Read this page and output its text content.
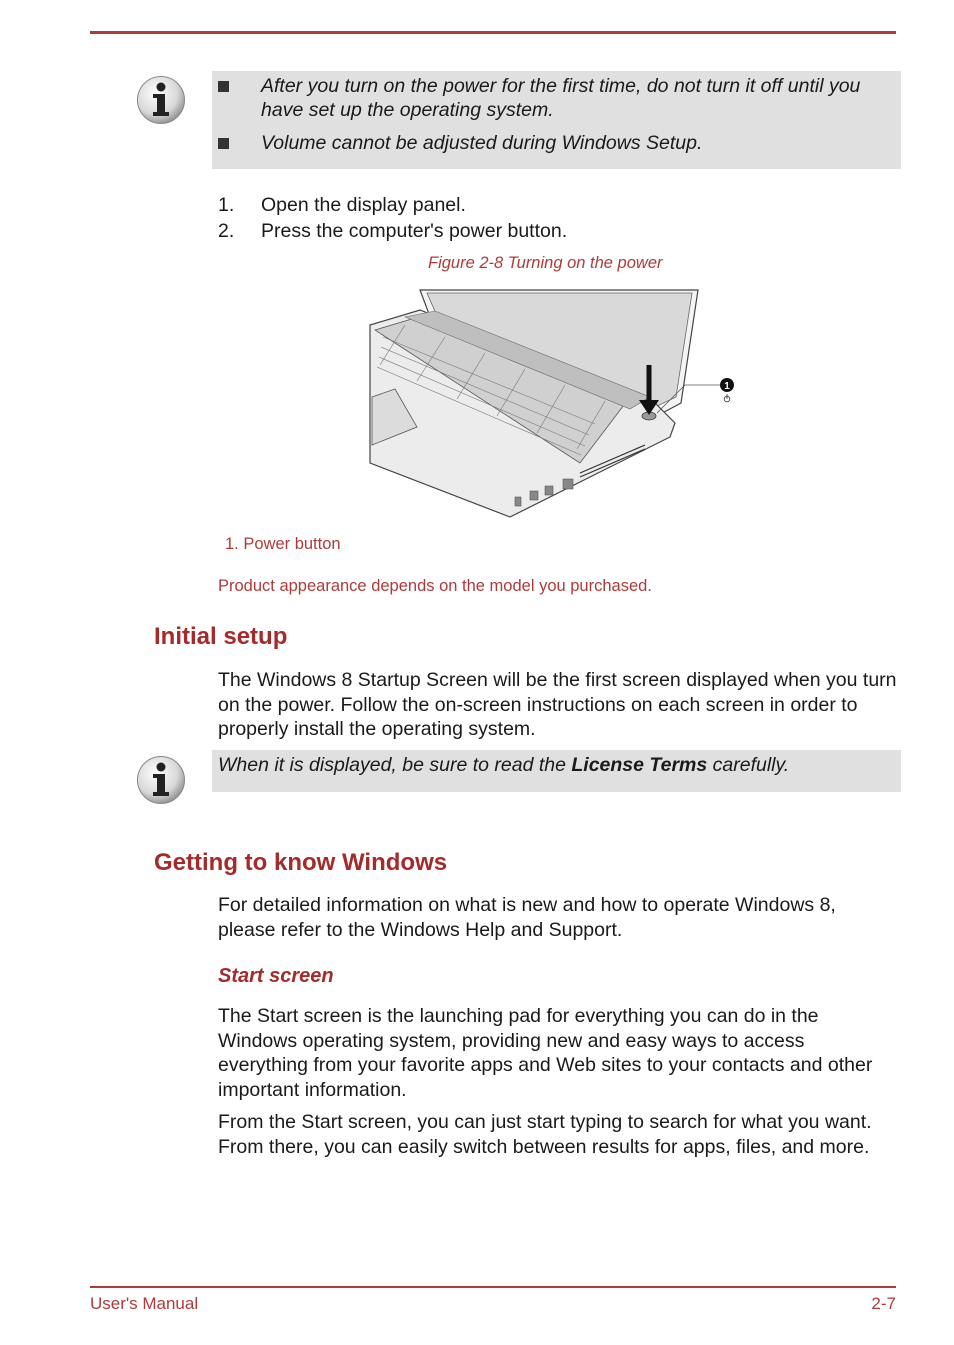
After you turn on the power for the first time, do not turn it off until you have set up the operating system.
Volume cannot be adjusted during Windows Setup.
1. Open the display panel.
2. Press the computer's power button.
Figure 2-8 Turning on the power
1
1. Power button
Product appearance depends on the model you purchased.
Initial setup
The Windows 8 Startup Screen will be the first screen displayed when you turn on the power. Follow the on-screen instructions on each screen in order to properly install the operating system.
When it is displayed, be sure to read the License Terms carefully.
Getting to know Windows
For detailed information on what is new and how to operate Windows 8, please refer to the Windows Help and Support.
Start screen
The Start screen is the launching pad for everything you can do in the Windows operating system, providing new and easy ways to access everything from your favorite apps and Web sites to your contacts and other important information.
From the Start screen, you can just start typing to search for what you want. From there, you can easily switch between results for apps, files, and more.
User's Manual	2-7
